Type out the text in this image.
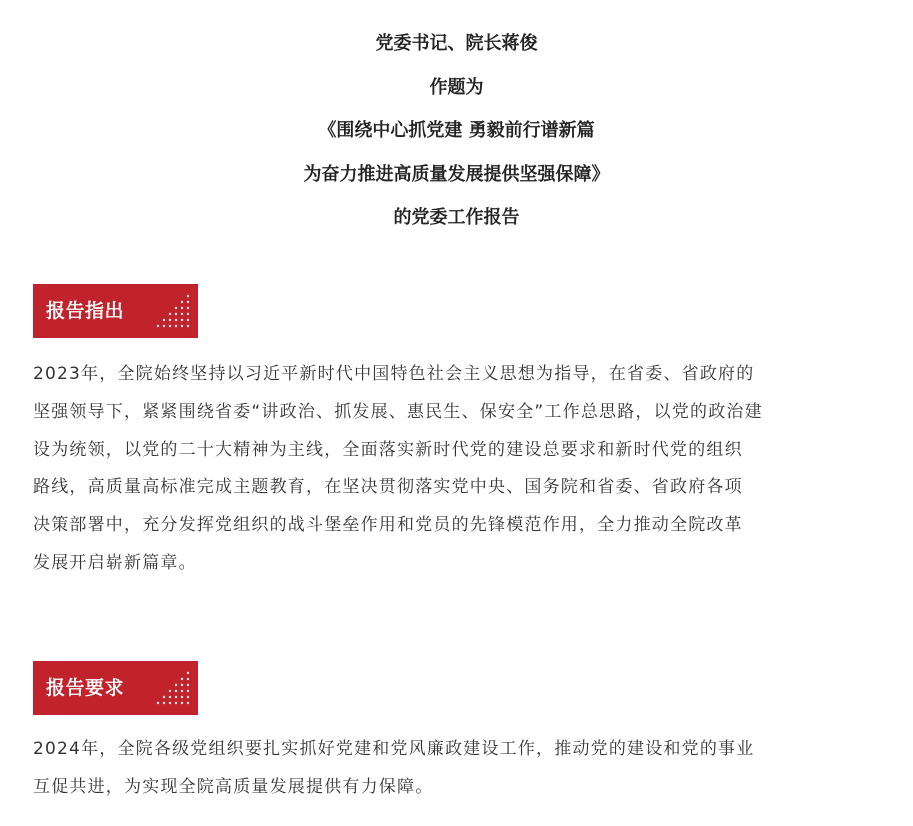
党委书记、院长蒋俊
作题为
《围绕中心抓党建 勇毅前行谱新篇
为奋力推进高质量发展提供坚强保障》
的党委工作报告
报告指出
2023年，全院始终坚持以习近平新时代中国特色社会主义思想为指导，在省委、省政府的
坚强领导下，紧紧围绕省委“讲政治、抓发展、惠民生、保安全”工作总思路，以党的政治建
设为统领，以党的二十大精神为主线，全面落实新时代党的建设总要求和新时代党的组织
路线，高质量高标准完成主题教育，在坚决贯彻落实党中央、国务院和省委、省政府各项
决策部署中，充分发挥党组织的战斗堡垒作用和党员的先锋模范作用，全力推动全院改革
发展开启崭新篇章。
报告要求
2024年，全院各级党组织要扎实抓好党建和党风廉政建设工作，推动党的建设和党的事业
互促共进，为实现全院高质量发展提供有力保障。
